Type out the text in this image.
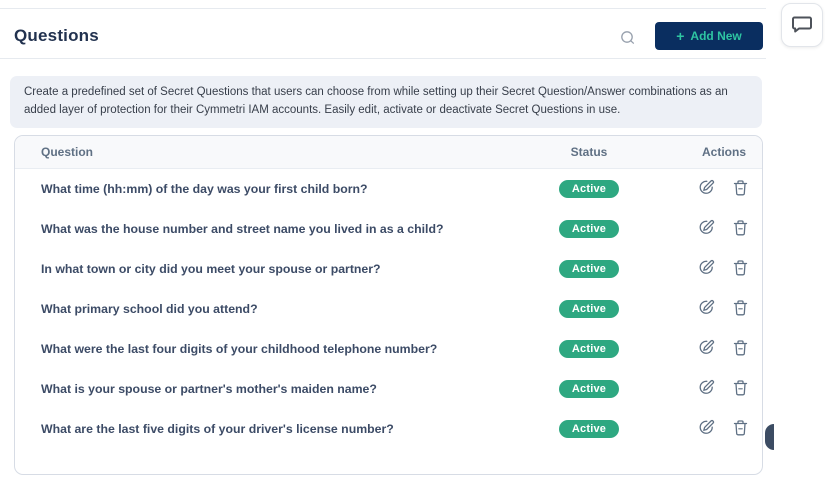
Questions	+ Add New
Create a predefined set of Secret Questions that users can choose from while setting up their Secret Question/Answer combinations as an added layer of protection for their Cymmetri IAM accounts. Easily edit, activate or deactivate Secret Questions in use.
Question	Status	Actions
What time (hh:mm) of the day was your first child born?	Active
What was the house number and street name you lived in as a child?	Active
In what town or city did you meet your spouse or partner?	Active
What primary school did you attend?	Active
What were the last four digits of your childhood telephone number?	Active
What is your spouse or partner's mother's maiden name?	Active
What are the last five digits of your driver's license number?	Active
